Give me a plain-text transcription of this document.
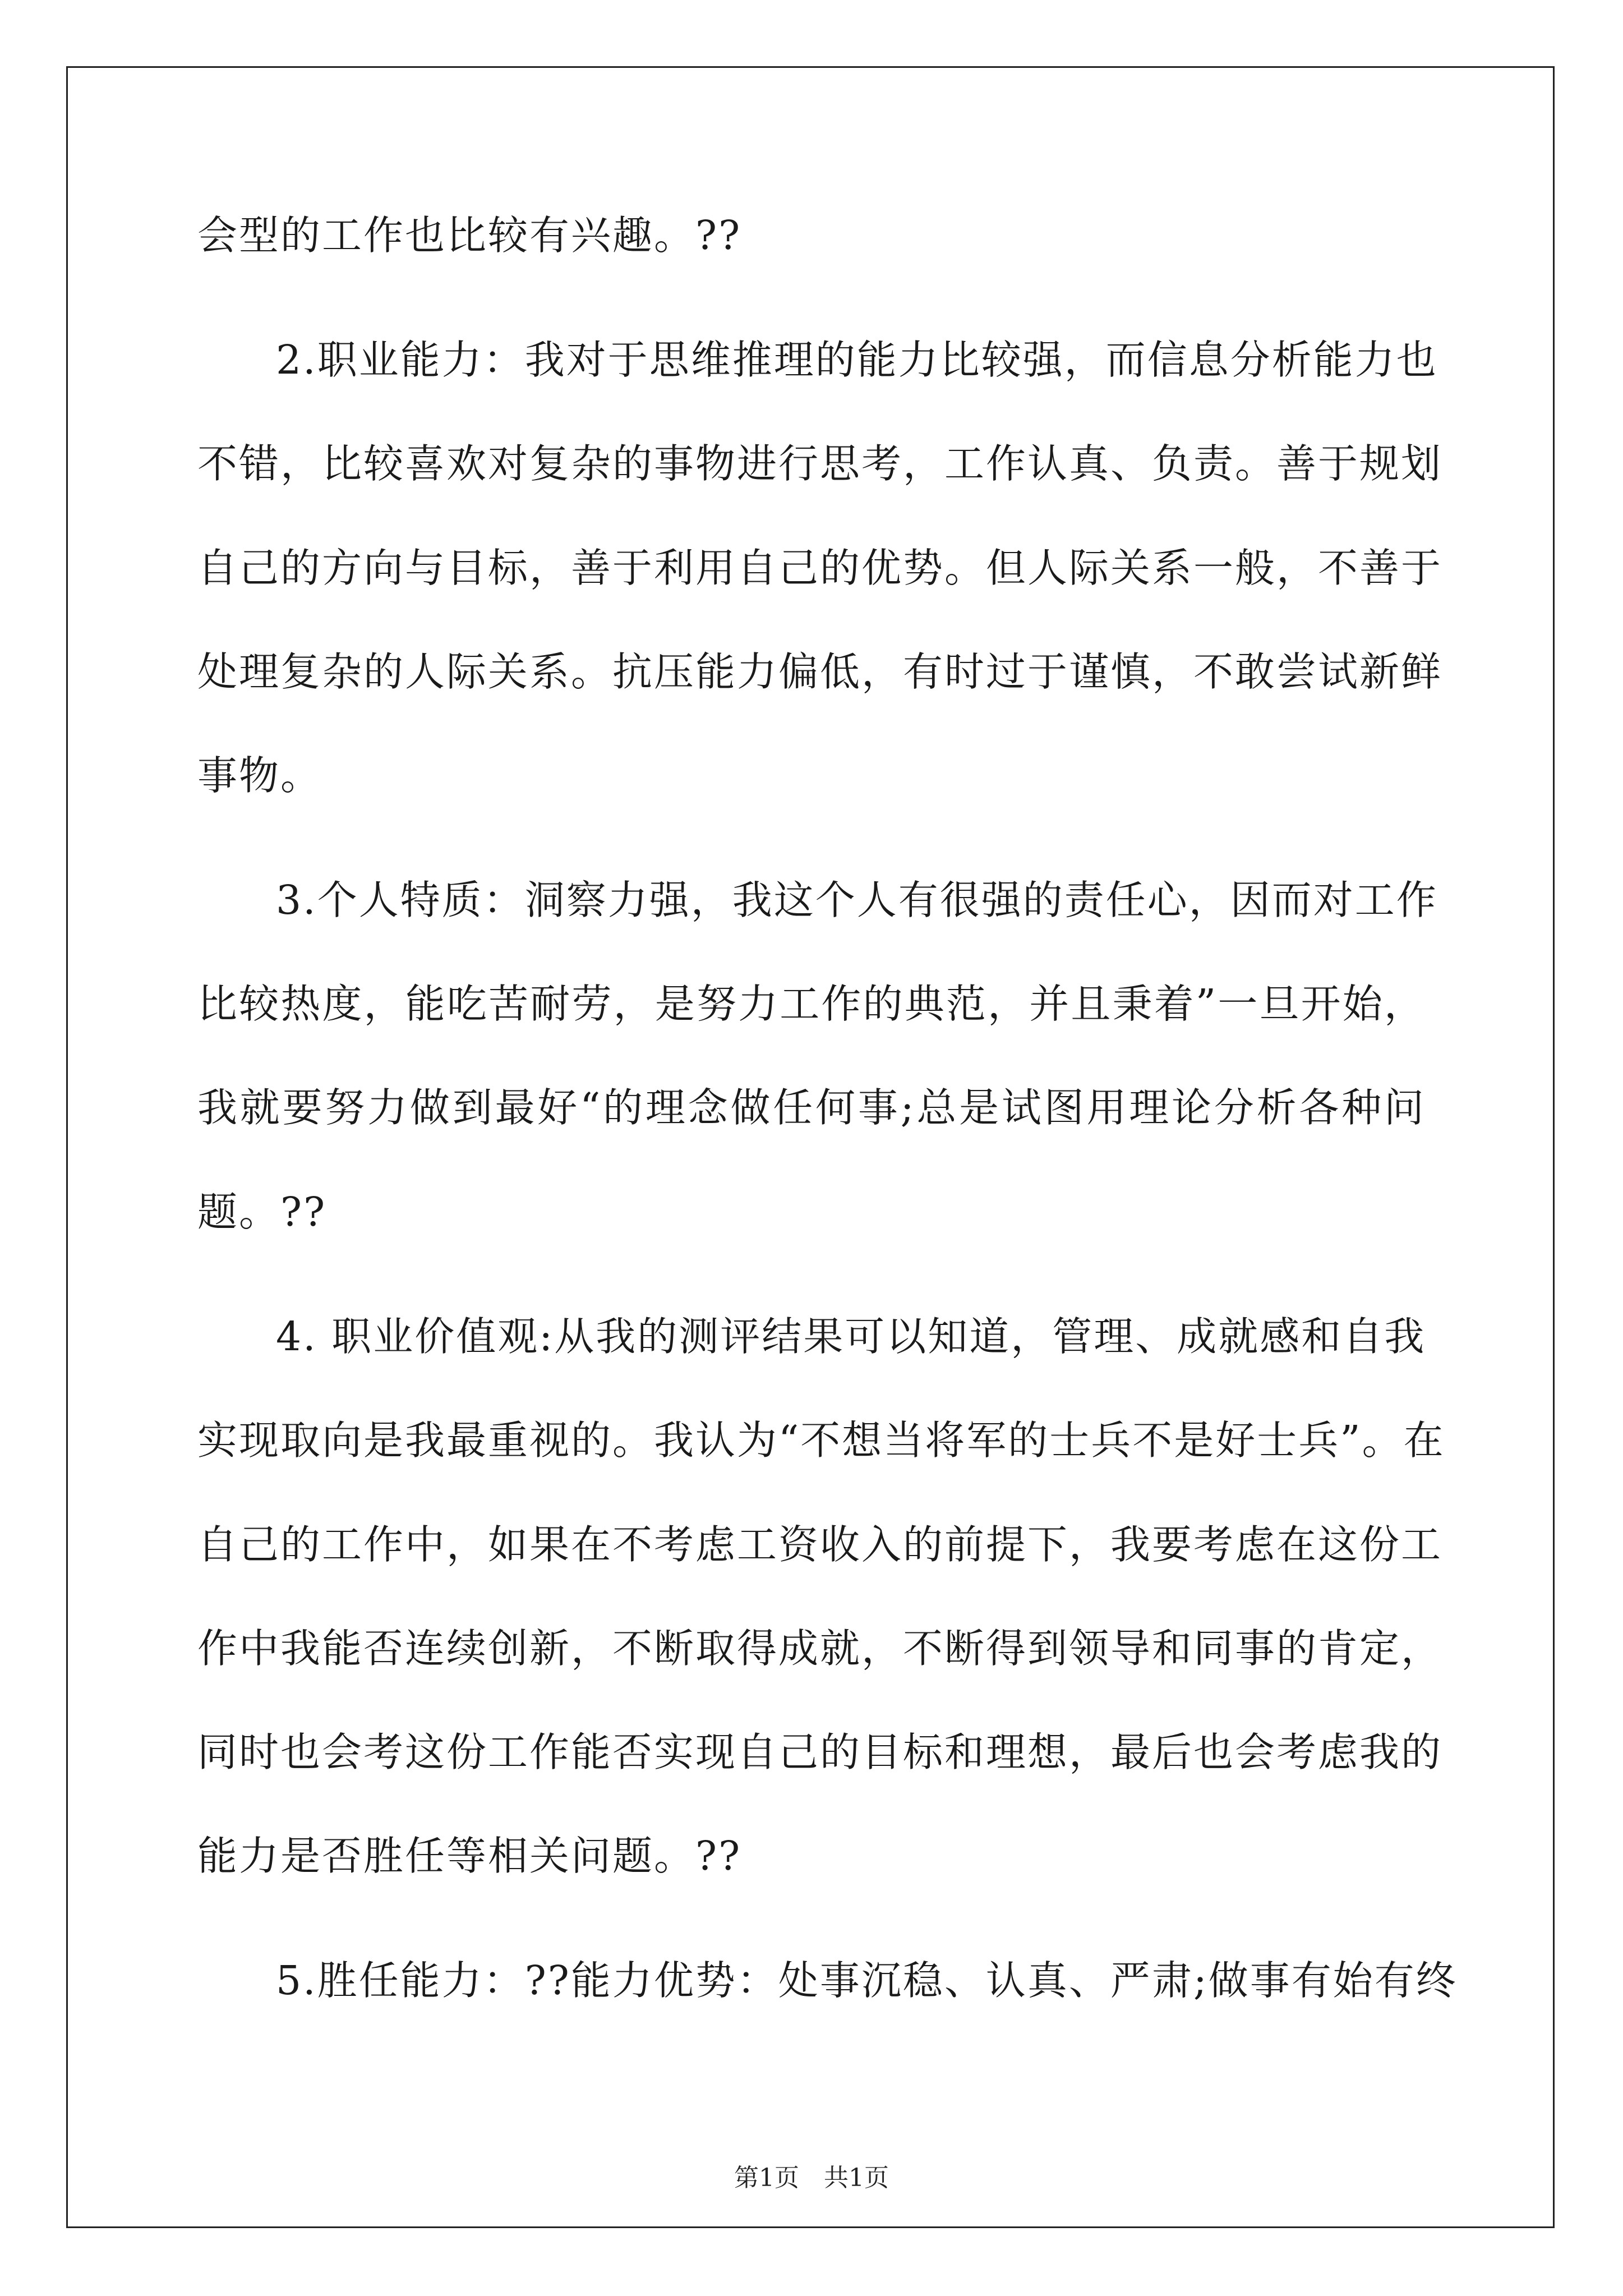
会型的工作也比较有兴趣。??
2.职业能力：我对于思维推理的能力比较强，而信息分析能力也
不错，比较喜欢对复杂的事物进行思考，工作认真、负责。善于规划
自己的方向与目标，善于利用自己的优势。但人际关系一般，不善于
处理复杂的人际关系。抗压能力偏低，有时过于谨慎，不敢尝试新鲜
事物。
3.个人特质：洞察力强，我这个人有很强的责任心，因而对工作
比较热度，能吃苦耐劳，是努力工作的典范，并且秉着”一旦开始，
我就要努力做到最好“的理念做任何事;总是试图用理论分析各种问
题。??
4. 职业价值观:从我的测评结果可以知道，管理、成就感和自我
实现取向是我最重视的。我认为“不想当将军的士兵不是好士兵”。在
自己的工作中，如果在不考虑工资收入的前提下，我要考虑在这份工
作中我能否连续创新，不断取得成就，不断得到领导和同事的肯定，
同时也会考这份工作能否实现自己的目标和理想，最后也会考虑我的
能力是否胜任等相关问题。??
5.胜任能力：??能力优势：处事沉稳、认真、严肃;做事有始有终
第1页 共1页
